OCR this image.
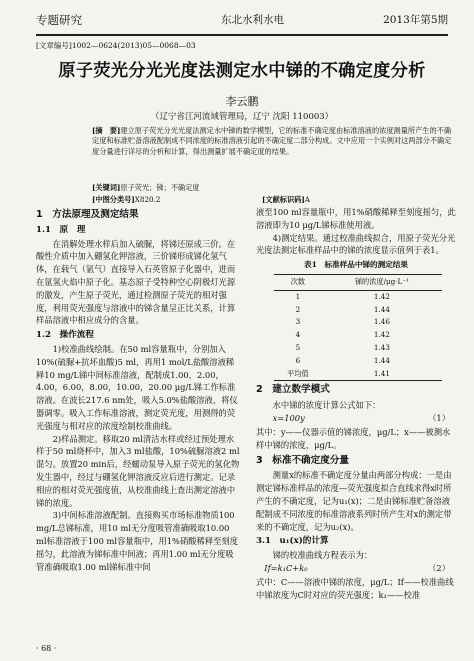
专题研究	东北水利水电	2013年第5期
[文章编号]1002—0624(2013)05—0068—03
原子荧光分光光度法测定水中锑的不确定度分析
李云鹏
（辽宁省江河流域管理局，辽宁 沈阳 110003）

[摘　要]建立原子荧光分光光度法测定水中锑的数学模型，它的标准不确定度由标准溶液的浓度测量所产生的不确定度和标准贮备溶液配制成不同浓度的标准溶液引起的不确定度二部分构成。文中应用一个实例对这两部分不确定度分量进行详尽的分析和计算，得出测量扩展不确定度的结果。

[关键词]原子荧光；锑；不确定度
[中图分类号]X820.2	[文献标识码]A
1　方法原理及测定结果
1.1　原　理

在消解处理水样后加入硫脲，将锑还原成三价。在酸性介质中加入硼氢化钾溶液，三价锑形成锑化氢气体，在载气（氩气）直接导入石英管原子化器中，进而在氩氢火焰中原子化。基态原子受特种空心阴极灯光源的激发，产生原子荧光，通过检测原子荧光的相对强度，利用荧光强度与溶液中的锑含量呈正比关系，计算样品溶液中相应成分的含量。

1.2　操作流程

1)校准曲线绘制。在50 ml容量瓶中，分别加入10%(硫脲+抗坏血酸)5 ml，再用1 mol/L盐酸溶液稀释10 mg/L锑中间标准溶液，配制成1.00，2.00，4.00，6.00，8.00，10.00，20.00 μg/L锑工作标准溶液。在波长217.6 nm处，吸入5.0%盐酸溶液，将仪器调零。吸入工作标准溶液，测定荧光度，用测得的荧光强度与相对应的浓度绘制校准曲线。

2)样品测定。移取20 ml清洁水样或经过预处理水样于50 ml烧杯中，加入3 ml盐酸，10%硫脲溶液2 ml混匀。放置20 min后，经蠕动泵导入原子荧光的氢化物发生器中，经过与硼氢化钾溶液反应后进行测定。记录相应的相对荧光强度值，从校准曲线上查出测定溶液中锑的浓度。

3)中间标准溶液配制。直接购买市场标准物质100 mg/L总锑标准，用10 ml无分度吸管准确吸取10.00 ml标准溶液于100 ml容量瓶中，用1%硝酸稀释至刻度摇匀，此溶液为锑标准中间液；再用1.00 ml无分度吸管准确吸取1.00 ml锑标准中间

液至100 ml容量瓶中，用1%硝酸稀释至刻度摇匀，此溶液即为10 μg/L锑标准使用液。

4)测定结果。通过校准曲线拟合，用原子荧光分光光度法测定标准样品中的锑的浓度显示值列于表1。

表1　标准样品中锑的测定结果
次数	锑的浓度/μg·L⁻¹
1	1.42
2	1.44
3	1.46
4	1.42
5	1.43
6	1.44
平均值	1.41
2　建立数学模式

水中锑的浓度计算公式如下：

x=100y	（1）

其中：y——仪器示值的锑浓度，μg/L；x——被测水样中锑的浓度，μg/L。

3　标准不确定度分量

测量x的标准不确定度分量由两部分构成：一是由测定锑标准样品的浓度—荧光强度拟合直线求得x时所产生的不确定度，记为u₁(x)；二是由锑标准贮备溶液配制成不同浓度的标准溶液系列时所产生对x的测定带来的不确定度，记为u₂(x)。

3.1　u₁(x)的计算

锑的校准曲线方程表示为：

If=k₁C+k₀	（2）

式中：C——溶液中锑的浓度，μg/L；If——校准曲线中锑浓度为C时对应的荧光强度；k₁——校准

· 68 ·
